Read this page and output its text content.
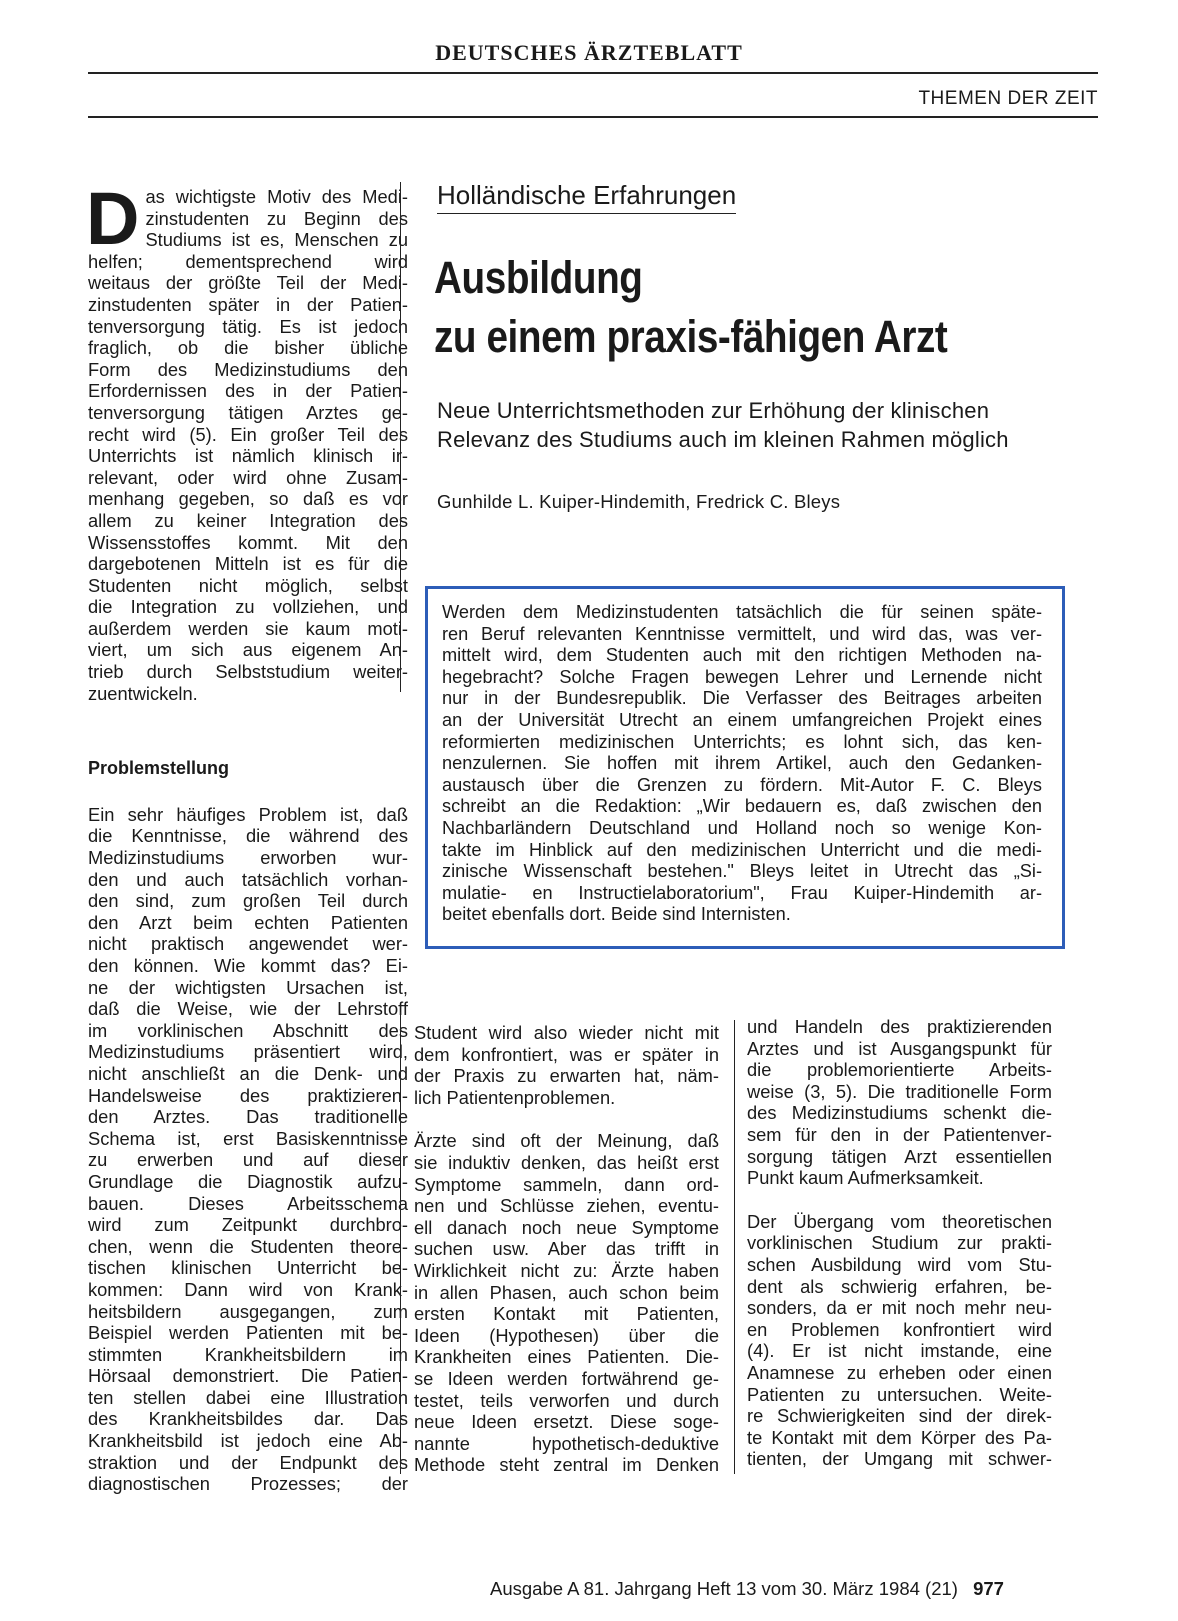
DEUTSCHES ÄRZTEBLATT
THEMEN DER ZEIT
D as wichtigste Motiv des Medi-
zinstudenten zu Beginn des
Studiums ist es, Menschen zu
helfen; dementsprechend wird
weitaus der größte Teil der Medi-
zinstudenten später in der Patien-
tenversorgung tätig. Es ist jedoch
fraglich, ob die bisher übliche
Form des Medizinstudiums den
Erfordernissen des in der Patien-
tenversorgung tätigen Arztes ge-
recht wird (5). Ein großer Teil des
Unterrichts ist nämlich klinisch ir-
relevant, oder wird ohne Zusam-
menhang gegeben, so daß es vor
allem zu keiner Integration des
Wissensstoffes kommt. Mit den
dargebotenen Mitteln ist es für die
Studenten nicht möglich, selbst
die Integration zu vollziehen, und
außerdem werden sie kaum moti-
viert, um sich aus eigenem An-
trieb durch Selbststudium weiter-
zuentwickeln.

Problemstellung

Ein sehr häufiges Problem ist, daß
die Kenntnisse, die während des
Medizinstudiums erworben wur-
den und auch tatsächlich vorhan-
den sind, zum großen Teil durch
den Arzt beim echten Patienten
nicht praktisch angewendet wer-
den können. Wie kommt das? Ei-
ne der wichtigsten Ursachen ist,
daß die Weise, wie der Lehrstoff
im vorklinischen Abschnitt des
Medizinstudiums präsentiert wird,
nicht anschließt an die Denk- und
Handelsweise des praktizieren-
den Arztes. Das traditionelle
Schema ist, erst Basiskenntnisse
zu erwerben und auf dieser
Grundlage die Diagnostik aufzu-
bauen. Dieses Arbeitsschema
wird zum Zeitpunkt durchbro-
chen, wenn die Studenten theore-
tischen klinischen Unterricht be-
kommen: Dann wird von Krank-
heitsbildern ausgegangen, zum
Beispiel werden Patienten mit be-
stimmten Krankheitsbildern im
Hörsaal demonstriert. Die Patien-
ten stellen dabei eine Illustration
des Krankheitsbildes dar. Das
Krankheitsbild ist jedoch eine Ab-
straktion und der Endpunkt des
diagnostischen Prozesses; der
Holländische Erfahrungen
Ausbildung
zu einem praxis-fähigen Arzt
Neue Unterrichtsmethoden zur Erhöhung der klinischen
Relevanz des Studiums auch im kleinen Rahmen möglich
Gunhilde L. Kuiper-Hindemith, Fredrick C. Bleys
Werden dem Medizinstudenten tatsächlich die für seinen späte-
ren Beruf relevanten Kenntnisse vermittelt, und wird das, was ver-
mittelt wird, dem Studenten auch mit den richtigen Methoden na-
hegebracht? Solche Fragen bewegen Lehrer und Lernende nicht
nur in der Bundesrepublik. Die Verfasser des Beitrages arbeiten
an der Universität Utrecht an einem umfangreichen Projekt eines
reformierten medizinischen Unterrichts; es lohnt sich, das ken-
nenzulernen. Sie hoffen mit ihrem Artikel, auch den Gedanken-
austausch über die Grenzen zu fördern. Mit-Autor F. C. Bleys
schreibt an die Redaktion: „Wir bedauern es, daß zwischen den
Nachbarländern Deutschland und Holland noch so wenige Kon-
takte im Hinblick auf den medizinischen Unterricht und die medi-
zinische Wissenschaft bestehen." Bleys leitet in Utrecht das „Si-
mulatie- en Instructielaboratorium", Frau Kuiper-Hindemith ar-
beitet ebenfalls dort. Beide sind Internisten.
Student wird also wieder nicht mit
dem konfrontiert, was er später in
der Praxis zu erwarten hat, näm-
lich Patientenproblemen.
Ärzte sind oft der Meinung, daß
sie induktiv denken, das heißt erst
Symptome sammeln, dann ord-
nen und Schlüsse ziehen, eventu-
ell danach noch neue Symptome
suchen usw. Aber das trifft in
Wirklichkeit nicht zu: Ärzte haben
in allen Phasen, auch schon beim
ersten Kontakt mit Patienten,
Ideen (Hypothesen) über die
Krankheiten eines Patienten. Die-
se Ideen werden fortwährend ge-
testet, teils verworfen und durch
neue Ideen ersetzt. Diese soge-
nannte hypothetisch-deduktive
Methode steht zentral im Denken
und Handeln des praktizierenden
Arztes und ist Ausgangspunkt für
die problemorientierte Arbeits-
weise (3, 5). Die traditionelle Form
des Medizinstudiums schenkt die-
sem für den in der Patientenver-
sorgung tätigen Arzt essentiellen
Punkt kaum Aufmerksamkeit.
Der Übergang vom theoretischen
vorklinischen Studium zur prakti-
schen Ausbildung wird vom Stu-
dent als schwierig erfahren, be-
sonders, da er mit noch mehr neu-
en Problemen konfrontiert wird
(4). Er ist nicht imstande, eine
Anamnese zu erheben oder einen
Patienten zu untersuchen. Weite-
re Schwierigkeiten sind der direk-
te Kontakt mit dem Körper des Pa-
tienten, der Umgang mit schwer-
Ausgabe A 81. Jahrgang Heft 13 vom 30. März 1984 (21) 977
